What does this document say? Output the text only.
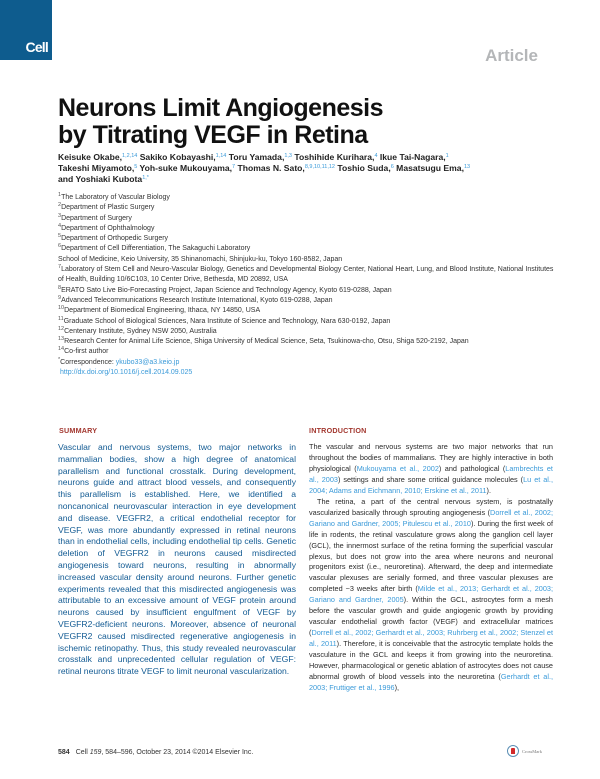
Cell	Article
Neurons Limit Angiogenesis
by Titrating VEGF in Retina
Keisuke Okabe,$^{1,2,14}$ Sakiko Kobayashi,$^{1,14}$ Toru Yamada,$^{1,3}$ Toshihide Kurihara,$^4$ Ikue Tai-Nagara,$^1$
Takeshi Miyamoto,$^5$ Yoh-suke Mukouyama,$^7$ Thomas N. Sato,$^{8,9,10,11,12}$ Toshio Suda,$^6$ Masatsugu Ema,$^{13}$
and Yoshiaki Kubota$^{1,*}$
$^1$The Laboratory of Vascular Biology
$^2$Department of Plastic Surgery
$^3$Department of Surgery
$^4$Department of Ophthalmology
$^5$Department of Orthopedic Surgery
$^6$Department of Cell Differentiation, The Sakaguchi Laboratory
School of Medicine, Keio University, 35 Shinanomachi, Shinjuku-ku, Tokyo 160-8582, Japan
$^7$Laboratory of Stem Cell and Neuro-Vascular Biology, Genetics and Developmental Biology Center, National Heart, Lung, and Blood Institute, National Institutes of Health, Building 10/6C103, 10 Center Drive, Bethesda, MD 20892, USA
$^8$ERATO Sato Live Bio-Forecasting Project, Japan Science and Technology Agency, Kyoto 619-0288, Japan
$^9$Advanced Telecommunications Research Institute International, Kyoto 619-0288, Japan
$^{10}$Department of Biomedical Engineering, Ithaca, NY 14850, USA
$^{11}$Graduate School of Biological Sciences, Nara Institute of Science and Technology, Nara 630-0192, Japan
$^{12}$Centenary Institute, Sydney NSW 2050, Australia
$^{13}$Research Center for Animal Life Science, Shiga University of Medical Science, Seta, Tsukinowa-cho, Otsu, Shiga 520-2192, Japan
$^{14}$Co-first author
*Correspondence: ykubo33@a3.keio.jp
http://dx.doi.org/10.1016/j.cell.2014.09.025
SUMMARY	INTRODUCTION
Vascular and nervous systems, two major networks in mammalian bodies, show a high degree of anatomical parallelism and functional crosstalk. During development, neurons guide and attract blood vessels, and consequently this parallelism is established. Here, we identified a noncanonical neurovascular interaction in eye development and disease. VEGFR2, a critical endothelial receptor for VEGF, was more abundantly expressed in retinal neurons than in endothelial cells, including endothelial tip cells. Genetic deletion of VEGFR2 in neurons caused misdirected angiogenesis toward neurons, resulting in abnormally increased vascular density around neurons. Further genetic experiments revealed that this misdirected angiogenesis was attributable to an excessive amount of VEGF protein around neurons caused by insufficient engulfment of VEGF by VEGFR2-deficient neurons. Moreover, absence of neuronal VEGFR2 caused misdirected regenerative angiogenesis in ischemic retinopathy. Thus, this study revealed neurovascular crosstalk and unprecedented cellular regulation of VEGF: retinal neurons titrate VEGF to limit neuronal vascularization.

The vascular and nervous systems are two major networks that run throughout the bodies of mammalians. They are highly interactive in both physiological (Mukouyama et al., 2002) and pathological (Lambrechts et al., 2003) settings and share some critical guidance molecules (Lu et al., 2004; Adams and Eichmann, 2010; Erskine et al., 2011).

The retina, a part of the central nervous system, is postnatally vascularized basically through sprouting angiogenesis (Dorrell et al., 2002; Gariano and Gardner, 2005; Pitulescu et al., 2010). During the first week of life in rodents, the retinal vasculature grows along the ganglion cell layer (GCL), the innermost surface of the retina forming the superficial vascular plexus, but does not grow into the area where neurons and neuronal progenitors exist (i.e., neuroretina). Afterward, the deep and intermediate vascular plexuses are serially formed, and three vascular plexuses are completed ~3 weeks after birth (Milde et al., 2013; Gerhardt et al., 2003; Gariano and Gardner, 2005). Within the GCL, astrocytes form a mesh before the vascular growth and guide angiogenic growth by providing vascular endothelial growth factor (VEGF) and extracellular matrices (Dorrell et al., 2002; Gerhardt et al., 2003; Ruhrberg et al., 2002; Stenzel et al., 2011). Therefore, it is conceivable that the astrocytic template holds the vasculature in the GCL and keeps it from growing into the neuroretina. However, pharmacological or genetic ablation of astrocytes does not cause abnormal growth of blood vessels into the neuroretina (Gerhardt et al., 2003; Fruttiger et al., 1996),

584 Cell 159, 584–596, October 23, 2014 ©2014 Elsevier Inc.	CrossMark
